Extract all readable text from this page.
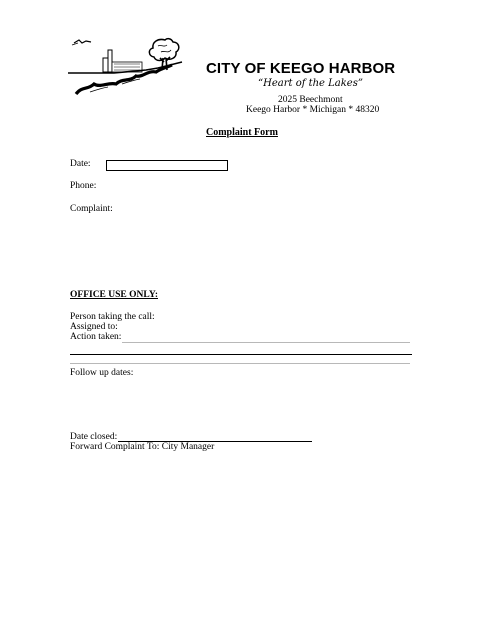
CITY OF KEEGO HARBOR
“Heart of the Lakes”
2025 Beechmont
Keego Harbor * Michigan * 48320
Complaint Form
Date:
Phone:
Complaint:
OFFICE USE ONLY:
Person taking the call:
Assigned to:
Action taken:
Follow up dates:
Date closed:
Forward Complaint To: City Manager
